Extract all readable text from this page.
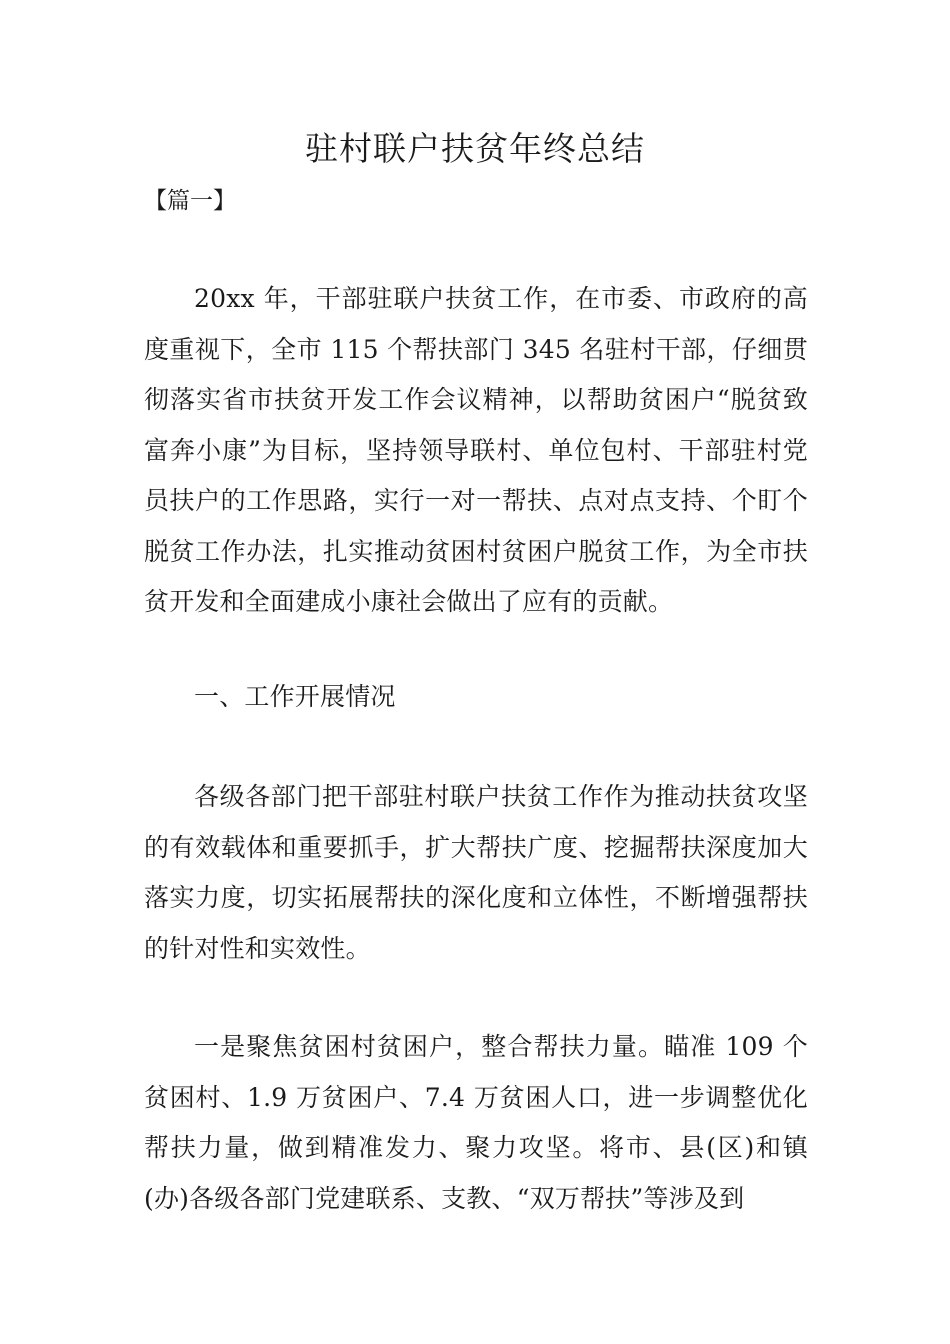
驻村联户扶贫年终总结

【篇一】

20xx 年，干部驻联户扶贫工作，在市委、市政府的高度重视下，全市 115 个帮扶部门 345 名驻村干部，仔细贯彻落实省市扶贫开发工作会议精神，以帮助贫困户“脱贫致富奔小康”为目标，坚持领导联村、单位包村、干部驻村党员扶户的工作思路，实行一对一帮扶、点对点支持、个盯个脱贫工作办法，扎实推动贫困村贫困户脱贫工作，为全市扶贫开发和全面建成小康社会做出了应有的贡献。

一、工作开展情况

各级各部门把干部驻村联户扶贫工作作为推动扶贫攻坚的有效载体和重要抓手，扩大帮扶广度、挖掘帮扶深度加大落实力度，切实拓展帮扶的深化度和立体性，不断增强帮扶的针对性和实效性。

一是聚焦贫困村贫困户，整合帮扶力量。瞄准 109 个贫困村、1.9 万贫困户、7.4 万贫困人口，进一步调整优化帮扶力量，做到精准发力、聚力攻坚。将市、县(区)和镇(办)各级各部门党建联系、支教、“双万帮扶”等涉及到
